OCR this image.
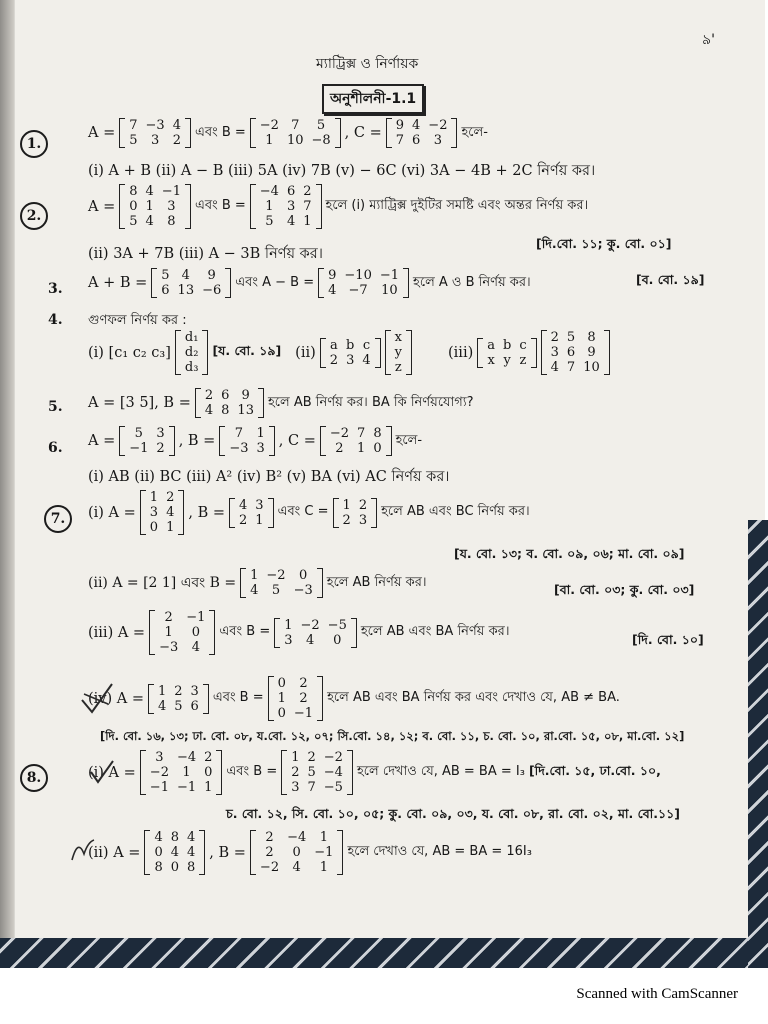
৯'
ম্যাট্রিক্স ও নির্ণায়ক
অনুশীলনী-1.1
1.
A = 7	−3	4
5	3	2
এবং B = −2	7	5
1	10	−8 , C = 9	4	−2
7	6	3
হলে-
(i) A + B (ii) A − B (iii) 5A (iv) 7B (v) − 6C (vi) 3A − 4B + 2C নির্ণয় কর।
2.
A =
8	4	−1
0	1	3
5	4	8
এবং B =
−4	6	2
1	3	7
5	4	1
হলে (i) ম্যাট্রিক্স দুইটির সমষ্টি এবং অন্তর নির্ণয় কর।
(ii) 3A + 7B (iii) A − 3B নির্ণয় কর।
[দি.বো. ১১; কু. বো. ০১]
3. A + B = 5	4	9
6	13	−6
এবং A − B = 9	−10	−1
4	−7	10
হলে A ও B নির্ণয় কর।	[ব. বো. ১৯]
4. গুণফল নির্ণয় কর :
(i) [c₁ c₂ c₃]
d₁
d₂
d₃
[য. বো. ১৯] (ii) a	b	c
2	3	4
x
y
z
(iii) a	b	c
x	y	z
2	5	8
3	6	9
4	7	10
5. A = [3 5], B = 2	6	9
4	8	13
হলে AB নির্ণয় কর। BA কি নির্ণয়যোগ্য?
6. A = 5	3
−1	2 , B = 7	1
−3	3 , C = −2	7	8
2	1	0
হলে-
(i) AB (ii) BC (iii) A² (iv) B² (v) BA (vi) AC নির্ণয় কর।
7.	(i) A =
1	2
3	4
0	1
, B = 4	3
2	1
এবং C = 1	2
2	3
হলে AB এবং BC নির্ণয় কর।
[য. বো. ১৩; ব. বো. ০৯, ০৬; মা. বো. ০৯]
(ii) A = [2 1] এবং B = 1	−2	0
4	5	−3
হলে AB নির্ণয় কর।	[বা. বো. ০৩; কু. বো. ০৩]
(iii) A =
2	−1
1	0
−3	4
এবং B = 1	−2	−5
3	4	0
হলে AB এবং BA নির্ণয় কর।
[দি. বো. ১০]
(iv) A = 1	2	3
4	5	6
এবং B =
0	2
1	2
0	−1
হলে AB এবং BA নির্ণয় কর এবং দেখাও যে, AB ≠ BA.
[দি. বো. ১৬, ১৩; ঢা. বো. ০৮, য.বো. ১২, ০৭; সি.বো. ১৪, ১২; ব. বো. ১১, চ. বো. ১০, রা.বো. ১৫, ০৮, মা.বো. ১২]
8.	(i) A =
3	−4	2
−2	1	0
−1	−1	1
এবং B =
1	2	−2
2	5	−4
3	7	−5
হলে দেখাও যে, AB = BA = I₃ [দি.বো. ১৫, ঢা.বো. ১০,
চ. বো. ১২, সি. বো. ১০, ০৫; কু. বো. ০৯, ০৩, য. বো. ০৮, রা. বো. ০২, মা. বো.১১]
(ii) A =
4	8	4
0	4	4
8	0	8
, B =
2	−4	1
2	0	−1
−2	4	1
হলে দেখাও যে, AB = BA = 16I₃
Scanned with CamScanner
